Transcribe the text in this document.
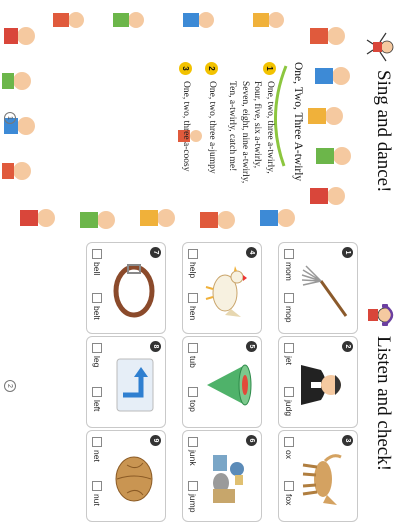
Sing and dance!
One, Two, Three A-twirly
1
One, two, three a-twirly,
Four, five, six a-twirly,
Seven, eight, nine a-twirly,
Ten, a-twirly, catch me!
2
One, two, three a-jumpy
3
One, two, three a-coosy
1
Listen and check!
1
mom
mop
2
jet
judg
3
ox
fox
4
help
hen
5
tub
top
6
junk
jump
7
bell
belt
8
leg
left
9
net
nut
2
